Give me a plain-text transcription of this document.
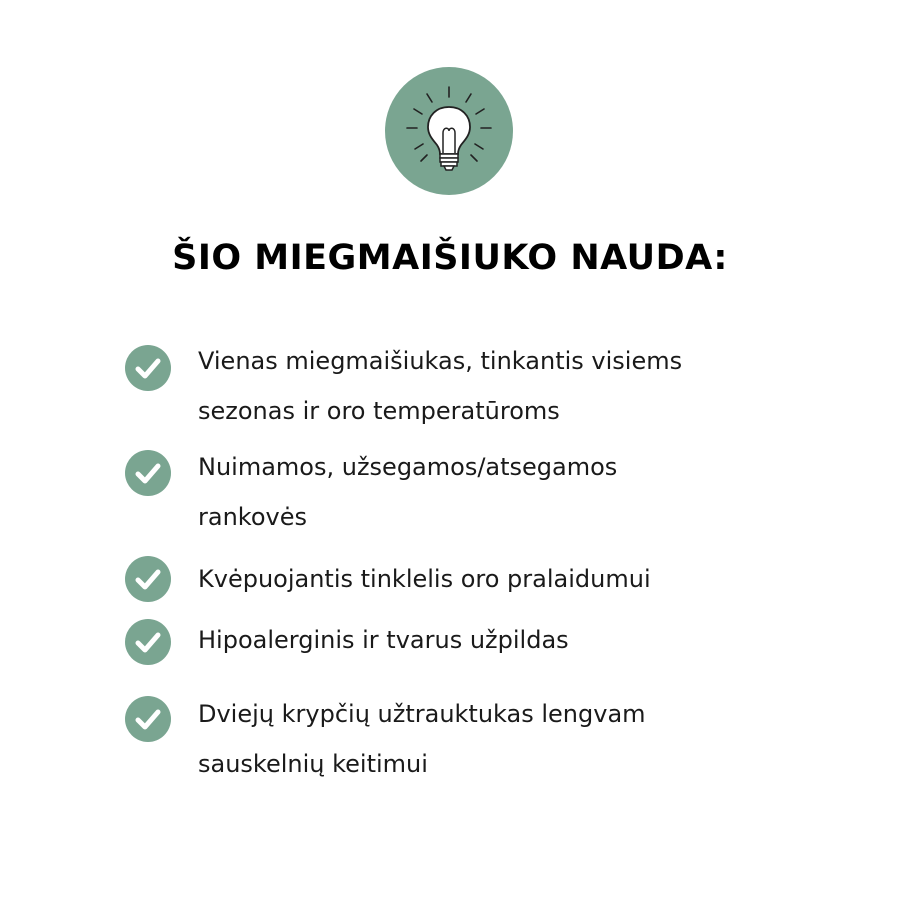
ŠIO MIEGMAIŠIUKO NAUDA:
Vienas miegmaišiukas, tinkantis visiems
sezonas ir oro temperatūroms
Nuimamos, užsegamos/atsegamos
rankovės
Kvėpuojantis tinklelis oro pralaidumui
Hipoalerginis ir tvarus užpildas
Dviejų krypčių užtrauktukas lengvam
sauskelnių keitimui
